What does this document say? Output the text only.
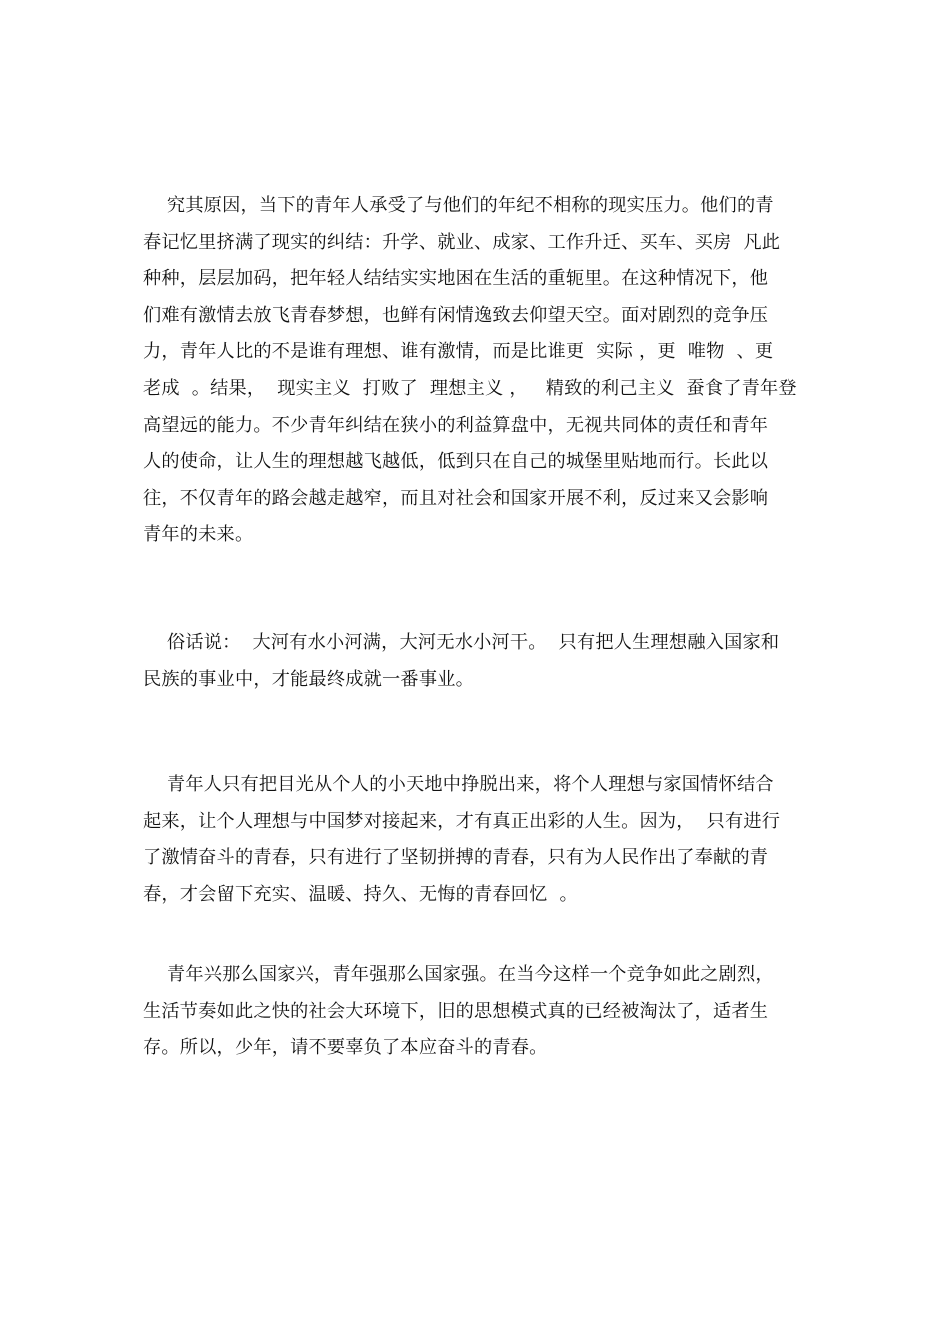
究其原因，当下的青年人承受了与他们的年纪不相称的现实压力。他们的青
春记忆里挤满了现实的纠结：升学、就业、成家、工作升迁、买车、买房  凡此
种种，层层加码，把年轻人结结实实地困在生活的重轭里。在这种情况下，他
们难有激情去放飞青春梦想，也鲜有闲情逸致去仰望天空。面对剧烈的竞争压
力，青年人比的不是谁有理想、谁有激情，而是比谁更  实际 ，更  唯物  、更
老成  。结果，  现实主义  打败了  理想主义 ，   精致的利己主义  蚕食了青年登
高望远的能力。不少青年纠结在狭小的利益算盘中，无视共同体的责任和青年
人的使命，让人生的理想越飞越低，低到只在自己的城堡里贴地而行。长此以
往，不仅青年的路会越走越窄，而且对社会和国家开展不利，反过来又会影响
青年的未来。

俗话说：  大河有水小河满，大河无水小河干。  只有把人生理想融入国家和
民族的事业中，才能最终成就一番事业。

青年人只有把目光从个人的小天地中挣脱出来，将个人理想与家国情怀结合
起来，让个人理想与中国梦对接起来，才有真正出彩的人生。因为，  只有进行
了激情奋斗的青春，只有进行了坚韧拼搏的青春，只有为人民作出了奉献的青
春，才会留下充实、温暖、持久、无悔的青春回忆  。

青年兴那么国家兴，青年强那么国家强。在当今这样一个竞争如此之剧烈，
生活节奏如此之快的社会大环境下，旧的思想模式真的已经被淘汰了，适者生
存。所以，少年，请不要辜负了本应奋斗的青春。
